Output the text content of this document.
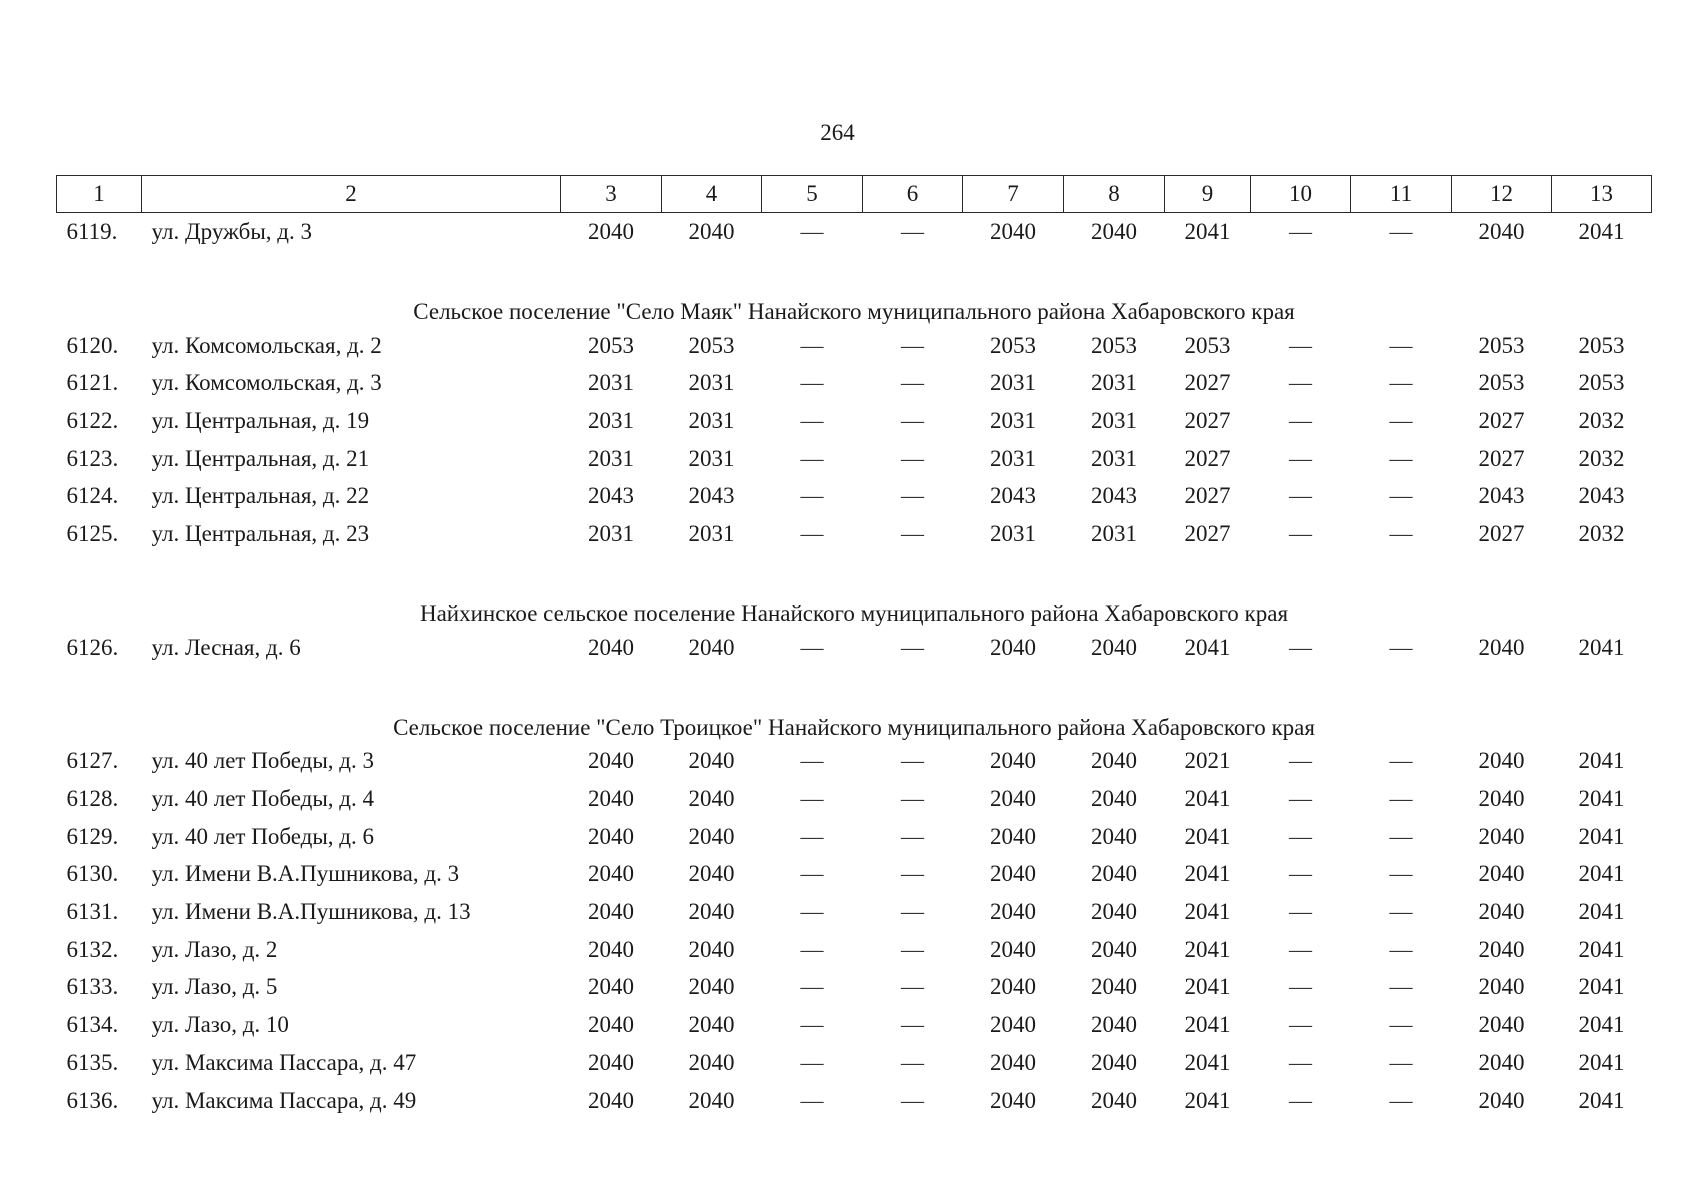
264
1	2	3	4	5	6	7	8	9	10	11	12	13
6119.	ул. Дружбы, д. 3	2040	2040	—	—	2040	2040	2041	—	—	2040	2041

Сельское поселение "Село Маяк" Нанайского муниципального района Хабаровского края												
6120.	ул. Комсомольская, д. 2	2053	2053	—	—	2053	2053	2053	—	—	2053	2053
6121.	ул. Комсомольская, д. 3	2031	2031	—	—	2031	2031	2027	—	—	2053	2053
6122.	ул. Центральная, д. 19	2031	2031	—	—	2031	2031	2027	—	—	2027	2032
6123.	ул. Центральная, д. 21	2031	2031	—	—	2031	2031	2027	—	—	2027	2032
6124.	ул. Центральная, д. 22	2043	2043	—	—	2043	2043	2027	—	—	2043	2043
6125.	ул. Центральная, д. 23	2031	2031	—	—	2031	2031	2027	—	—	2027	2032

Найхинское сельское поселение Нанайского муниципального района Хабаровского края												
6126.	ул. Лесная, д. 6	2040	2040	—	—	2040	2040	2041	—	—	2040	2041

Сельское поселение "Село Троицкое" Нанайского муниципального района Хабаровского края												
6127.	ул. 40 лет Победы, д. 3	2040	2040	—	—	2040	2040	2021	—	—	2040	2041
6128.	ул. 40 лет Победы, д. 4	2040	2040	—	—	2040	2040	2041	—	—	2040	2041
6129.	ул. 40 лет Победы, д. 6	2040	2040	—	—	2040	2040	2041	—	—	2040	2041
6130.	ул. Имени В.А.Пушникова, д. 3	2040	2040	—	—	2040	2040	2041	—	—	2040	2041
6131.	ул. Имени В.А.Пушникова, д. 13	2040	2040	—	—	2040	2040	2041	—	—	2040	2041
6132.	ул. Лазо, д. 2	2040	2040	—	—	2040	2040	2041	—	—	2040	2041
6133.	ул. Лазо, д. 5	2040	2040	—	—	2040	2040	2041	—	—	2040	2041
6134.	ул. Лазо, д. 10	2040	2040	—	—	2040	2040	2041	—	—	2040	2041
6135.	ул. Максима Пассара, д. 47	2040	2040	—	—	2040	2040	2041	—	—	2040	2041
6136.	ул. Максима Пассара, д. 49	2040	2040	—	—	2040	2040	2041	—	—	2040	2041
